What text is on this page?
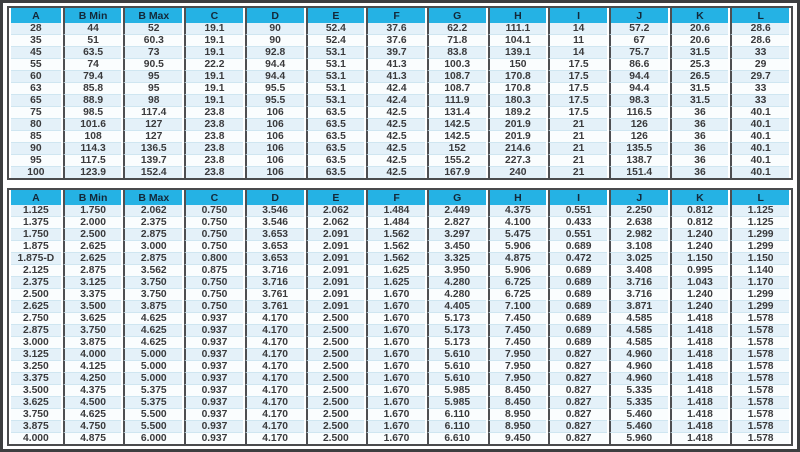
A	B Min	B Max	C	D	E	F	G	H	I	J	K	L
28	44	52	19.1	90	52.4	37.6	62.2	111.1	14	57.2	20.6	28.6
35	51	60.3	19.1	90	52.4	37.6	71.8	104.1	11	67	20.6	28.6
45	63.5	73	19.1	92.8	53.1	39.7	83.8	139.1	14	75.7	31.5	33
55	74	90.5	22.2	94.4	53.1	41.3	100.3	150	17.5	86.6	25.3	29
60	79.4	95	19.1	94.4	53.1	41.3	108.7	170.8	17.5	94.4	26.5	29.7
63	85.8	95	19.1	95.5	53.1	42.4	108.7	170.8	17.5	94.4	31.5	33
65	88.9	98	19.1	95.5	53.1	42.4	111.9	180.3	17.5	98.3	31.5	33
75	98.5	117.4	23.8	106	63.5	42.5	131.4	189.2	17.5	116.5	36	40.1
80	101.6	127	23.8	106	63.5	42.5	142.5	201.9	21	126	36	40.1
85	108	127	23.8	106	63.5	42.5	142.5	201.9	21	126	36	40.1
90	114.3	136.5	23.8	106	63.5	42.5	152	214.6	21	135.5	36	40.1
95	117.5	139.7	23.8	106	63.5	42.5	155.2	227.3	21	138.7	36	40.1
100	123.9	152.4	23.8	106	63.5	42.5	167.9	240	21	151.4	36	40.1
A	B Min	B Max	C	D	E	F	G	H	I	J	K	L
1.125	1.750	2.062	0.750	3.546	2.062	1.484	2.449	4.375	0.551	2.250	0.812	1.125
1.375	2.000	2.375	0.750	3.546	2.062	1.484	2.827	4.100	0.433	2.638	0.812	1.125
1.750	2.500	2.875	0.750	3.653	2.091	1.562	3.297	5.475	0.551	2.982	1.240	1.299
1.875	2.625	3.000	0.750	3.653	2.091	1.562	3.450	5.906	0.689	3.108	1.240	1.299
1.875-D	2.625	2.875	0.800	3.653	2.091	1.562	3.325	4.875	0.472	3.025	1.150	1.150
2.125	2.875	3.562	0.875	3.716	2.091	1.625	3.950	5.906	0.689	3.408	0.995	1.140
2.375	3.125	3.750	0.750	3.716	2.091	1.625	4.280	6.725	0.689	3.716	1.043	1.170
2.500	3.375	3.750	0.750	3.761	2.091	1.670	4.280	6.725	0.689	3.716	1.240	1.299
2.625	3.500	3.875	0.750	3.761	2.091	1.670	4.405	7.100	0.689	3.871	1.240	1.299
2.750	3.625	4.625	0.937	4.170	2.500	1.670	5.173	7.450	0.689	4.585	1.418	1.578
2.875	3.750	4.625	0.937	4.170	2.500	1.670	5.173	7.450	0.689	4.585	1.418	1.578
3.000	3.875	4.625	0.937	4.170	2.500	1.670	5.173	7.450	0.689	4.585	1.418	1.578
3.125	4.000	5.000	0.937	4.170	2.500	1.670	5.610	7.950	0.827	4.960	1.418	1.578
3.250	4.125	5.000	0.937	4.170	2.500	1.670	5.610	7.950	0.827	4.960	1.418	1.578
3.375	4.250	5.000	0.937	4.170	2.500	1.670	5.610	7.950	0.827	4.960	1.418	1.578
3.500	4.375	5.375	0.937	4.170	2.500	1.670	5.985	8.450	0.827	5.335	1.418	1.578
3.625	4.500	5.375	0.937	4.170	2.500	1.670	5.985	8.450	0.827	5.335	1.418	1.578
3.750	4.625	5.500	0.937	4.170	2.500	1.670	6.110	8.950	0.827	5.460	1.418	1.578
3.875	4.750	5.500	0.937	4.170	2.500	1.670	6.110	8.950	0.827	5.460	1.418	1.578
4.000	4.875	6.000	0.937	4.170	2.500	1.670	6.610	9.450	0.827	5.960	1.418	1.578
